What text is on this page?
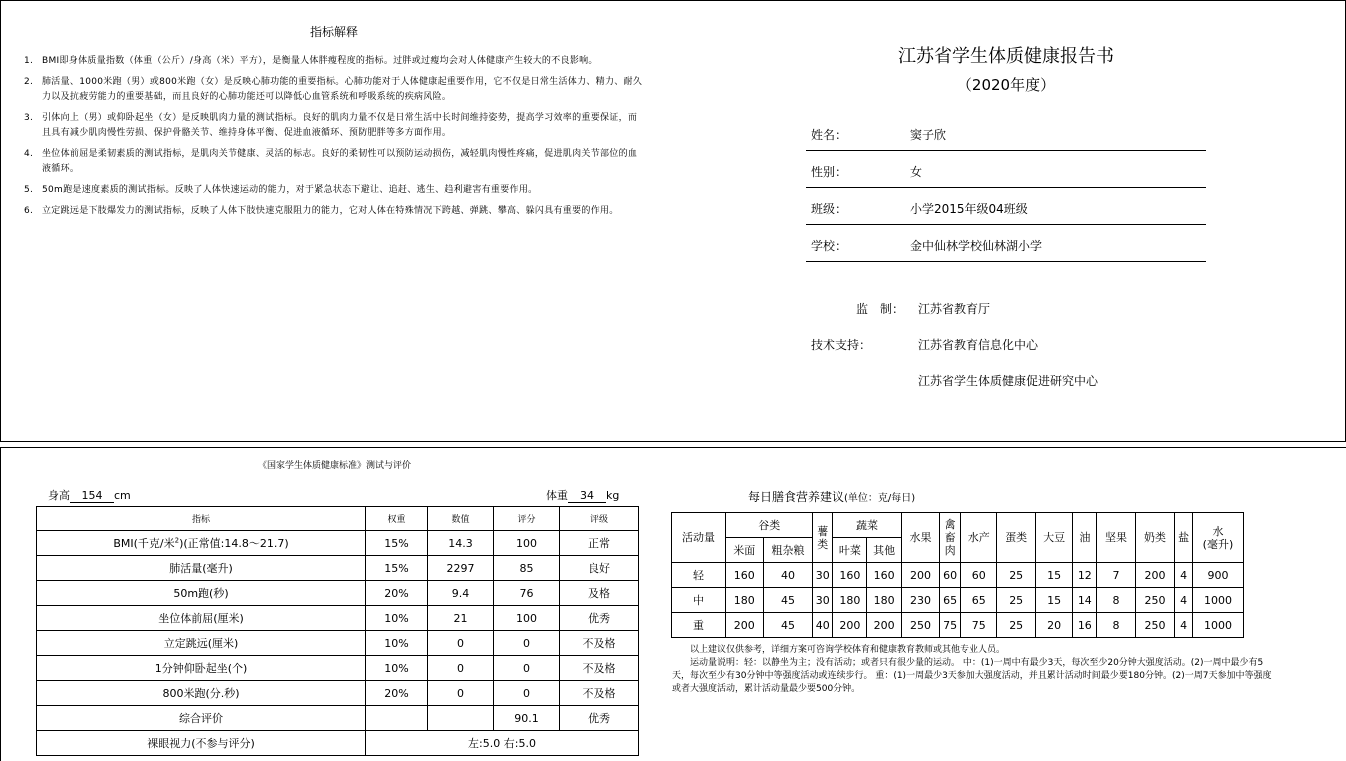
指标解释
1. BMI即身体质量指数（体重（公斤）/身高（米）平方），是衡量人体胖瘦程度的指标。过胖或过瘦均会对人体健康产生较大的不良影响。
2. 肺活量、1000米跑（男）或800米跑（女）是反映心肺功能的重要指标。心肺功能对于人体健康起重要作用，它不仅是日常生活体力、精力、耐久力以及抗疲劳能力的重要基础，而且良好的心肺功能还可以降低心血管系统和呼吸系统的疾病风险。
3. 引体向上（男）或仰卧起坐（女）是反映肌肉力量的测试指标。良好的肌肉力量不仅是日常生活中长时间维持姿势，提高学习效率的重要保证，而且具有减少肌肉慢性劳损、保护骨骼关节、维持身体平衡、促进血液循环、预防肥胖等多方面作用。
4. 坐位体前屈是柔韧素质的测试指标，是肌肉关节健康、灵活的标志。良好的柔韧性可以预防运动损伤，减轻肌肉慢性疼痛，促进肌肉关节部位的血液循环。
5. 50m跑是速度素质的测试指标。反映了人体快速运动的能力，对于紧急状态下避让、追赶、逃生、趋利避害有重要作用。
6. 立定跳远是下肢爆发力的测试指标，反映了人体下肢快速克服阻力的能力，它对人体在特殊情况下跨越、弹跳、攀高、躲闪具有重要的作用。
江苏省学生体质健康报告书
（2020年度）
姓名：	窦子欣
性别：	女
班级：	小学2015年级04班级
学校：	金中仙林学校仙林湖小学
监　制： 江苏省教育厅
技术支持：	江苏省教育信息化中心
江苏省学生体质健康促进研究中心
《国家学生体质健康标准》测试与评价
身高 154 cm	体重 34 kg
指标	权重	数值	评分	评级
BMI(千克/米$^2$)(正常值:14.8～21.7)	15%	14.3	100	正常
肺活量(毫升)	15%	2297	85	良好
50m跑(秒)	20%	9.4	76	及格
坐位体前屈(厘米)	10%	21	100	优秀
立定跳远(厘米)	10%	0	0	不及格
1分钟仰卧起坐(个)	10%	0	0	不及格
800米跑(分.秒)	20%	0	0	不及格
综合评价			90.1	优秀
裸眼视力(不参与评分)	左:5.0 右:5.0			
每日膳食营养建议(单位：克/每日)
活动量	谷类		薯类	蔬菜		水果	禽畜肉	水产	蛋类	大豆	油	坚果	奶类	盐	水
(毫升)

	米面	粗杂粮		叶菜	其他										
轻	160	40	30	160	160	200	60	60	25	15	12	7	200	4	900
中	180	45	30	180	180	230	65	65	25	15	14	8	250	4	1000
重	200	45	40	200	200	250	75	75	25	20	16	8	250	4	1000

以上建议仅供参考，详细方案可咨询学校体育和健康教育教师或其他专业人员。

运动量说明：轻：以静坐为主；没有活动；或者只有很少量的运动。 中：(1)一周中有最少3天，每次至少20分钟大强度活动。(2)一周中最少有5天，每次至少有30分钟中等强度活动或连续步行。 重：(1)一周最少3天参加大强度活动，并且累计活动时间最少要180分钟。(2)一周7天参加中等强度或者大强度活动，累计活动量最少要500分钟。
